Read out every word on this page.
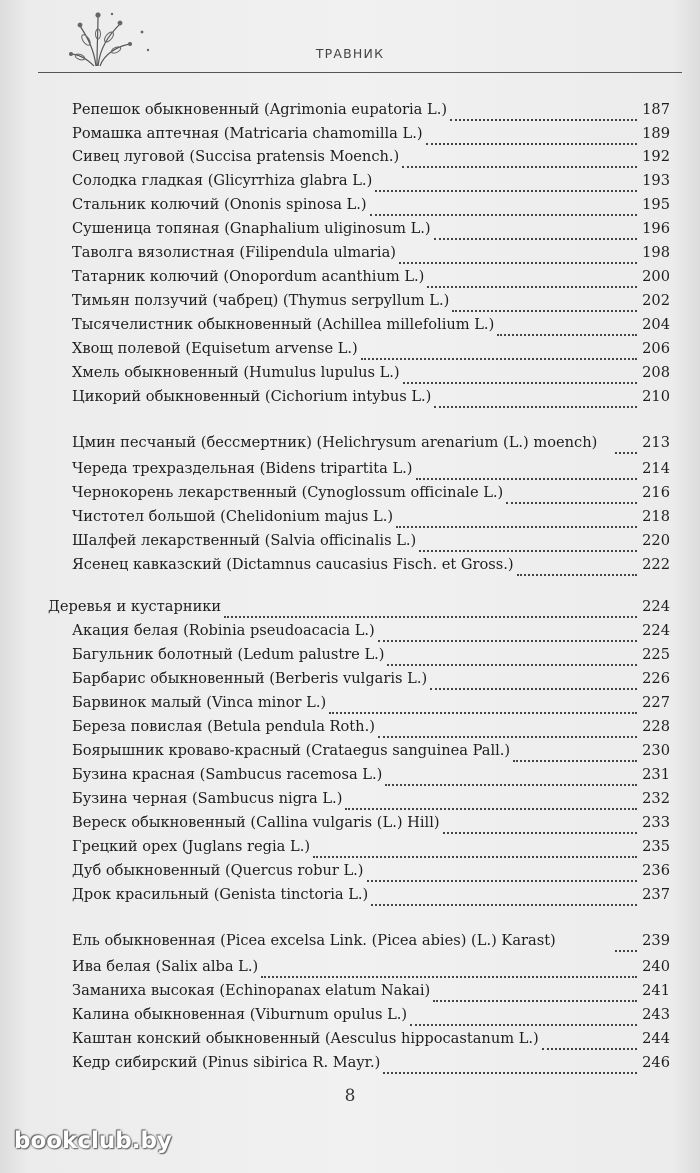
ТРАВНИК
Репешок обыкновенный (Agrimonia eupatoria L.)	187
Ромашка аптечная (Matricaria chamomilla L.)	189
Сивец луговой (Succisa pratensis Moench.)	192
Солодка гладкая (Glicyrrhiza glabra L.)	193
Стальник колючий (Ononis spinosa L.)	195
Сушеница топяная (Gnaphalium uliginosum L.)	196
Таволга вязолистная (Filipendula ulmaria)	198
Татарник колючий (Onopordum acanthium L.)	200
Тимьян ползучий (чабрец) (Thymus serpyllum L.)	202
Тысячелистник обыкновенный (Achillea millefolium L.)	204
Хвощ полевой (Equisetum arvense L.)	206
Хмель обыкновенный (Humulus lupulus L.)	208
Цикорий обыкновенный (Cichorium intybus L.)	210
Цмин песчаный (бессмертник) (Helichrysum arenarium (L.) moench)	213
Череда трехраздельная (Bidens tripartita L.)	214
Чернокорень лекарственный (Cynoglossum officinale L.)	216
Чистотел большой (Chelidonium majus L.)	218
Шалфей лекарственный (Salvia officinalis L.)	220
Ясенец кавказский (Dictamnus caucasius Fisch. et Gross.)	222
Деревья и кустарники	224
Акация белая (Robinia pseudoacacia L.)	224
Багульник болотный (Ledum palustre L.)	225
Барбарис обыкновенный (Berberis vulgaris L.)	226
Барвинок малый (Vinca minor L.)	227
Береза повислая (Betula pendula Roth.)	228
Боярышник кроваво-красный (Crataegus sanguinea Pall.)	230
Бузина красная (Sambucus racemosa L.)	231
Бузина черная (Sambucus nigra L.)	232
Вереск обыкновенный (Callina vulgaris (L.) Hill)	233
Грецкий орех (Juglans regia L.)	235
Дуб обыкновенный (Quercus robur L.)	236
Дрок красильный (Genista tinctoria L.)	237
Ель обыкновенная (Picea excelsa Link. (Picea abies) (L.) Karast)	239
Ива белая (Salix alba L.)	240
Заманиха высокая (Echinopanax elatum Nakai)	241
Калина обыкновенная (Viburnum opulus L.)	243
Каштан конский обыкновенный (Aesculus hippocastanum L.)	244
Кедр сибирский (Pinus sibirica R. Mayr.)	246
8
bookclub.by
